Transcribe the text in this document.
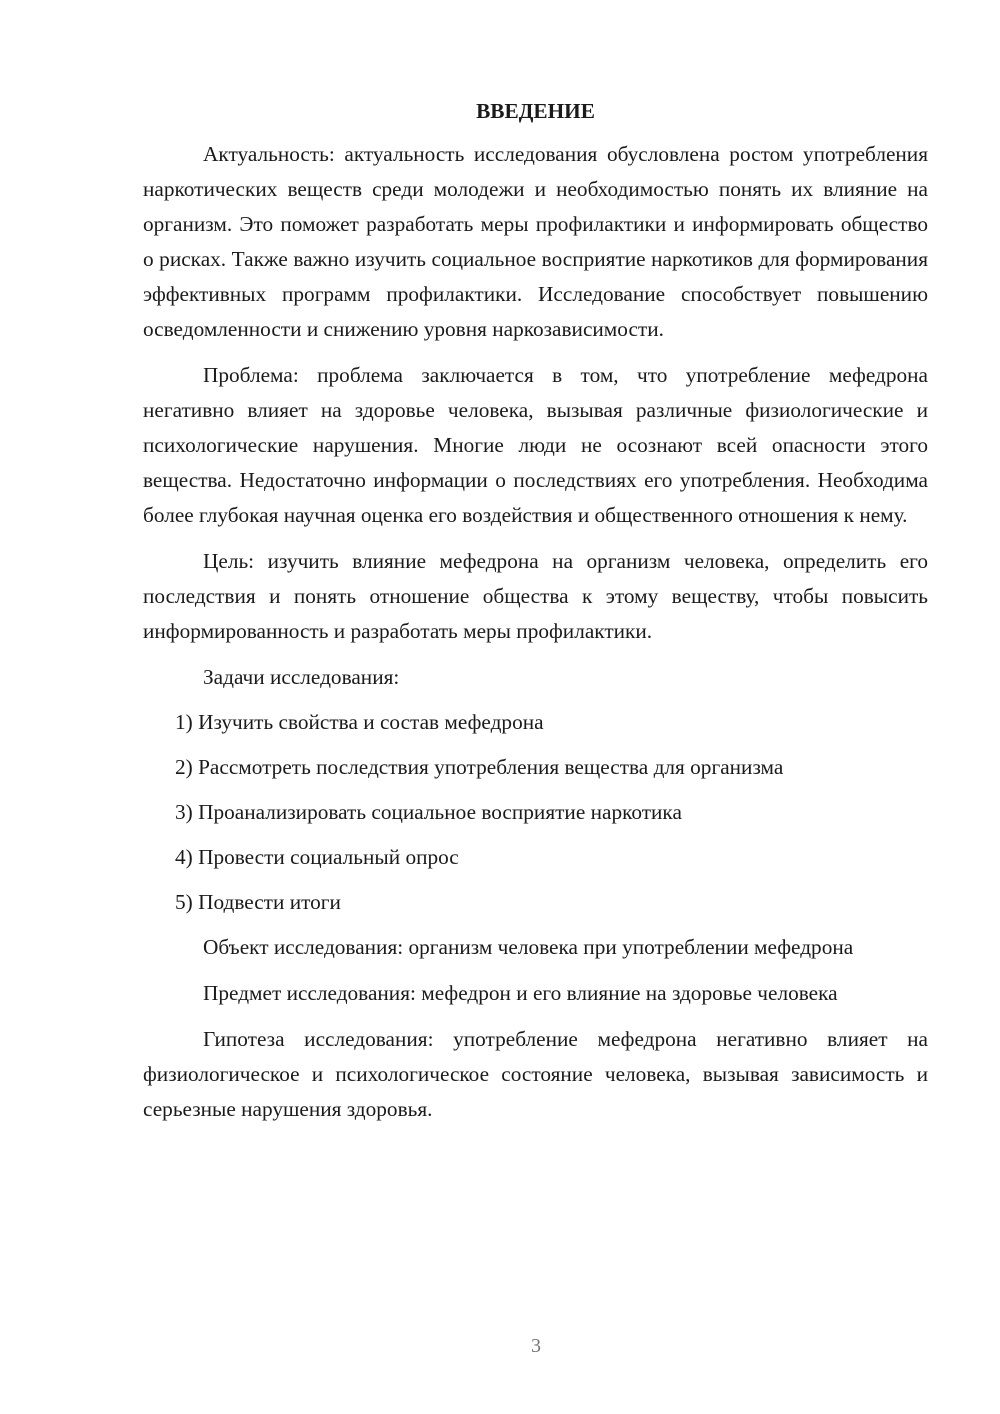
ВВЕДЕНИЕ

Актуальность: актуальность исследования обусловлена ростом употребления наркотических веществ среди молодежи и необходимостью понять их влияние на организм. Это поможет разработать меры профилактики и информировать общество о рисках. Также важно изучить социальное восприятие наркотиков для формирования эффективных программ профилактики. Исследование способствует повышению осведомленности и снижению уровня наркозависимости.

Проблема: проблема заключается в том, что употребление мефедрона негативно влияет на здоровье человека, вызывая различные физиологические и психологические нарушения. Многие люди не осознают всей опасности этого вещества. Недостаточно информации о последствиях его употребления. Необходима более глубокая научная оценка его воздействия и общественного отношения к нему.

Цель: изучить влияние мефедрона на организм человека, определить его последствия и понять отношение общества к этому веществу, чтобы повысить информированность и разработать меры профилактики.

Задачи исследования:
1) Изучить свойства и состав мефедрона
2) Рассмотреть последствия употребления вещества для организма
3) Проанализировать социальное восприятие наркотика
4) Провести социальный опрос
5) Подвести итоги

Объект исследования: организм человека при употреблении мефедрона

Предмет исследования: мефедрон и его влияние на здоровье человека

Гипотеза исследования: употребление мефедрона негативно влияет на физиологическое и психологическое состояние человека, вызывая зависимость и серьезные нарушения здоровья.

3
